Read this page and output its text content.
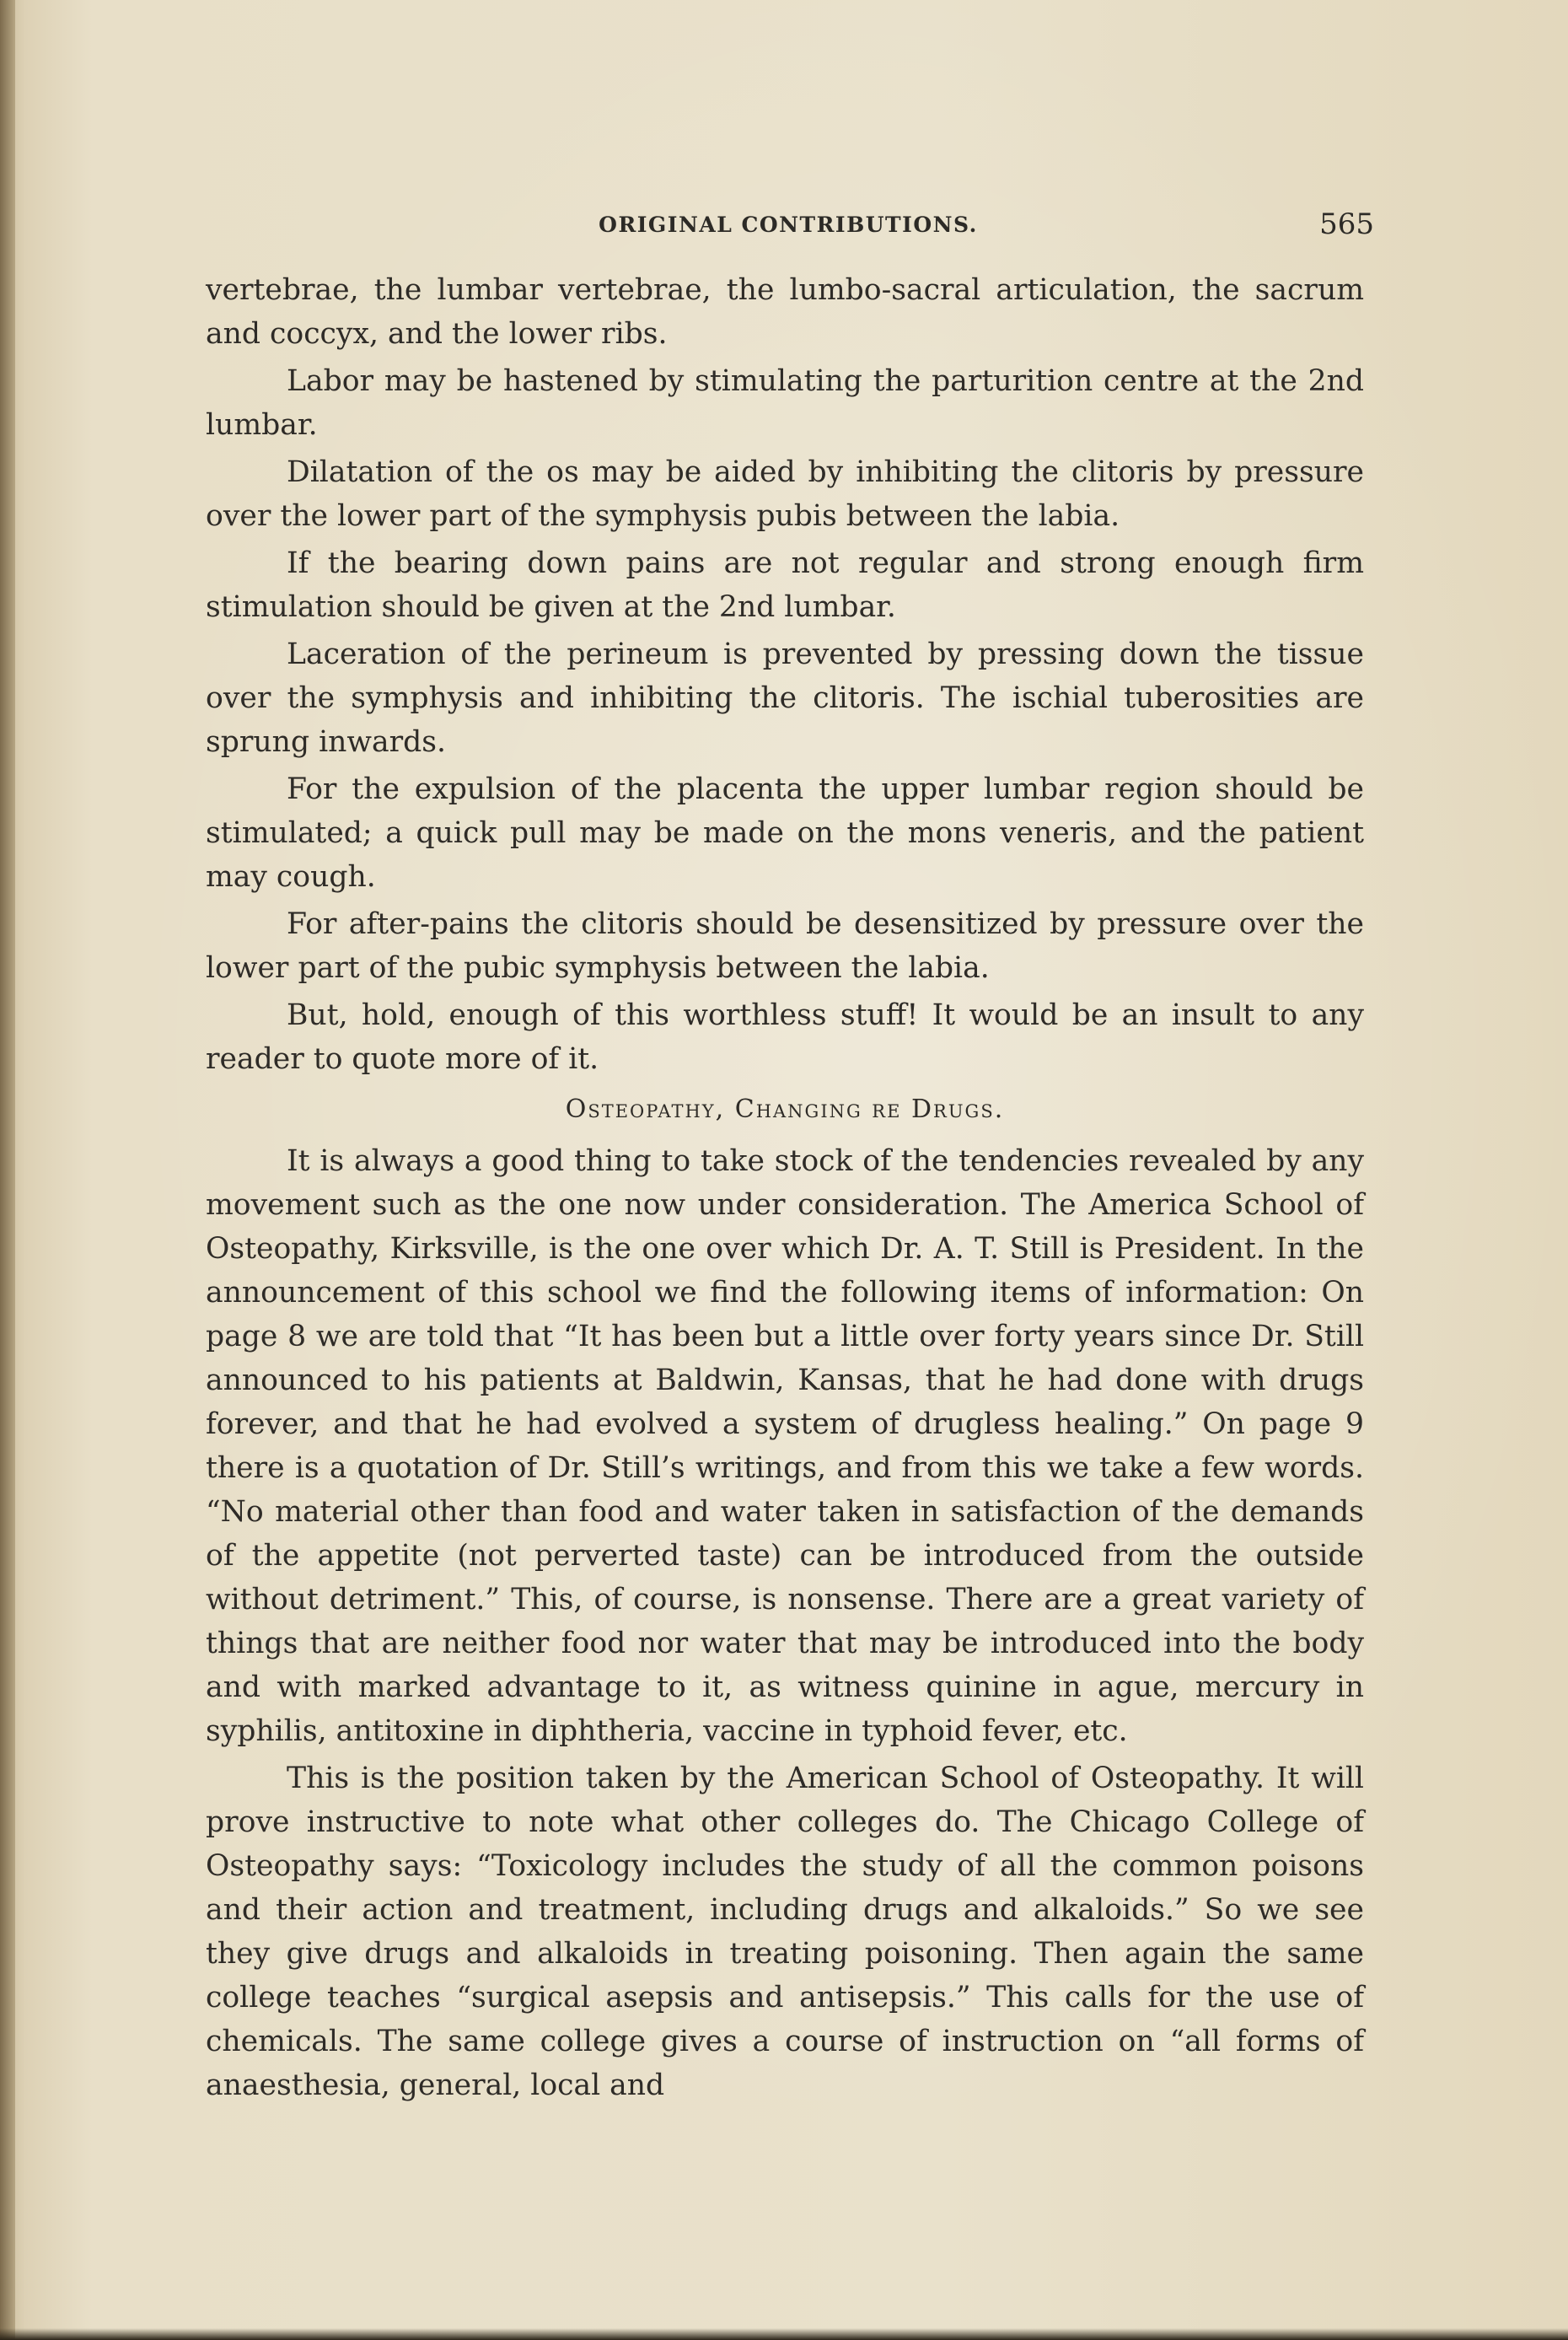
ORIGINAL CONTRIBUTIONS.	565

vertebrae, the lumbar vertebrae, the lumbo-sacral articulation, the sacrum and coccyx, and the lower ribs.

Labor may be hastened by stimulating the parturition centre at the 2nd lumbar.

Dilatation of the os may be aided by inhibiting the clitoris by pressure over the lower part of the symphysis pubis between the labia.

If the bearing down pains are not regular and strong enough firm stimulation should be given at the 2nd lumbar.

Laceration of the perineum is prevented by pressing down the tissue over the symphysis and inhibiting the clitoris. The ischial tuberosities are sprung inwards.

For the expulsion of the placenta the upper lumbar region should be stimulated; a quick pull may be made on the mons veneris, and the patient may cough.

For after-pains the clitoris should be desensitized by pressure over the lower part of the pubic symphysis between the labia.

But, hold, enough of this worthless stuff! It would be an insult to any reader to quote more of it.

Osteopathy, Changing re Drugs.

It is always a good thing to take stock of the tendencies revealed by any movement such as the one now under consideration. The America School of Osteopathy, Kirksville, is the one over which Dr. A. T. Still is President. In the announcement of this school we find the following items of information: On page 8 we are told that “It has been but a little over forty years since Dr. Still announced to his patients at Baldwin, Kansas, that he had done with drugs forever, and that he had evolved a system of drugless healing.” On page 9 there is a quotation of Dr. Still’s writings, and from this we take a few words. “No material other than food and water taken in satisfaction of the demands of the appetite (not perverted taste) can be introduced from the outside without detriment.” This, of course, is nonsense. There are a great variety of things that are neither food nor water that may be introduced into the body and with marked advantage to it, as witness quinine in ague, mercury in syphilis, antitoxine in diphtheria, vaccine in typhoid fever, etc.

This is the position taken by the American School of Osteopathy. It will prove instructive to note what other colleges do. The Chicago College of Osteopathy says: “Toxicology includes the study of all the common poisons and their action and treatment, including drugs and alkaloids.” So we see they give drugs and alkaloids in treating poisoning. Then again the same college teaches “surgical asepsis and antisepsis.” This calls for the use of chemicals. The same college gives a course of instruction on “all forms of anaesthesia, general, local and
